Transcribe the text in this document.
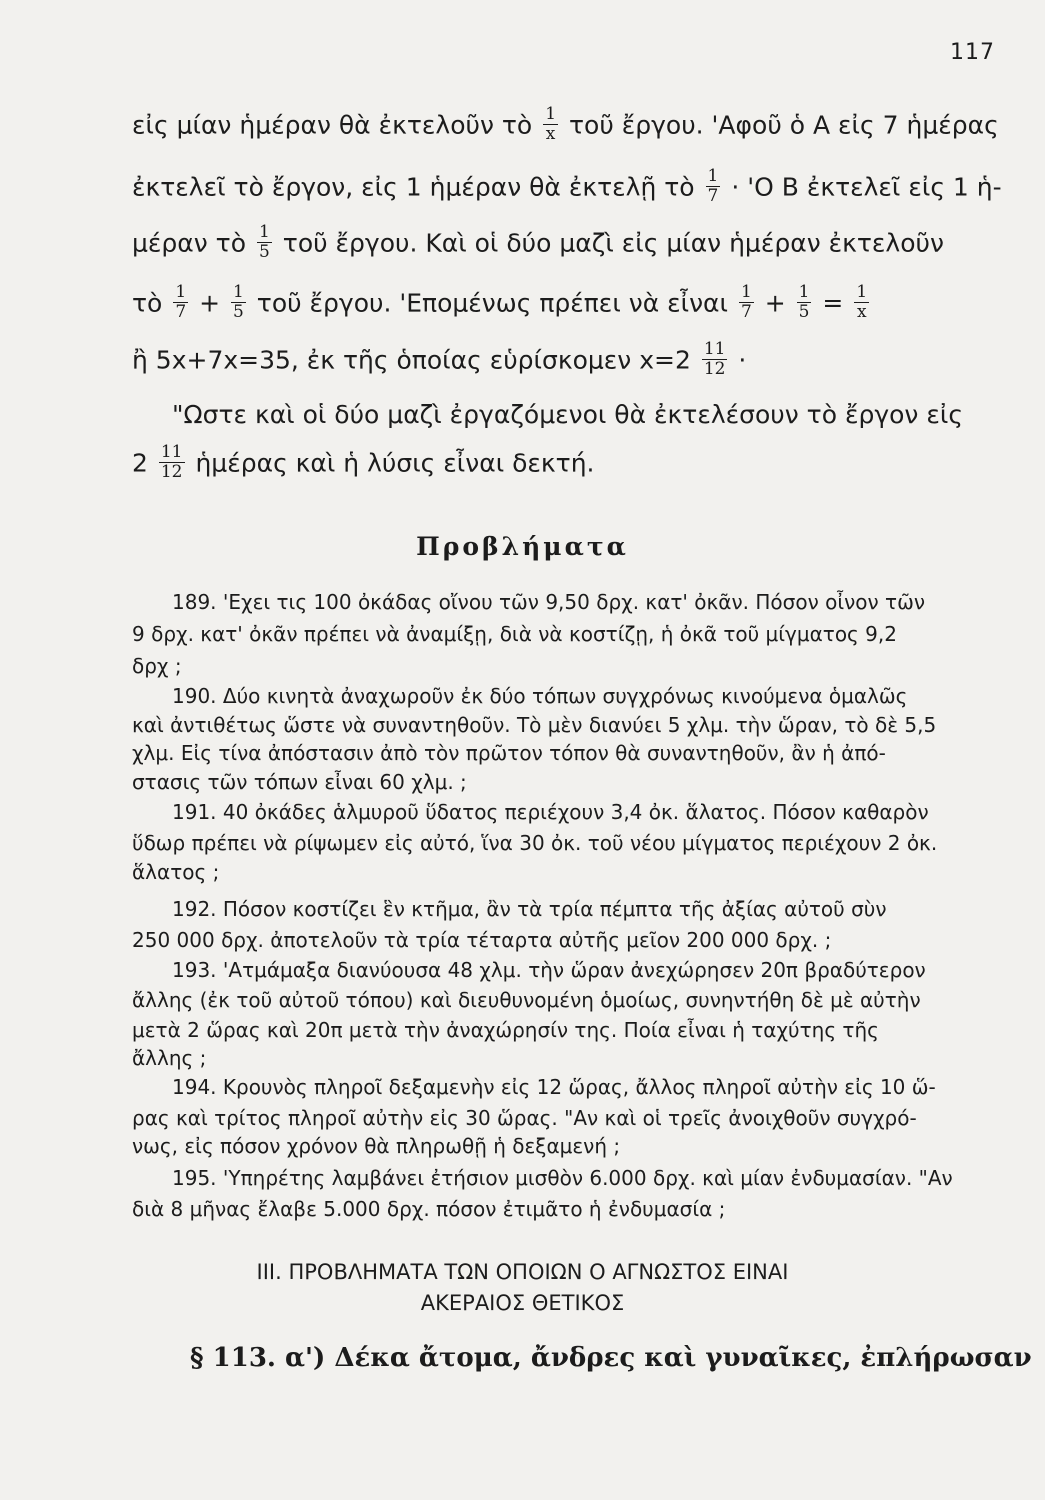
117
εἰς μίαν ἡμέραν θὰ ἐκτελοῦν τὸ $\frac{1}{x}$ τοῦ ἔργου. 'Αφοῦ ὁ Α εἰς 7 ἡμέρας
ἐκτελεῖ τὸ ἔργον, εἰς 1 ἡμέραν θὰ ἐκτελῇ τὸ $\frac{1}{7}$ · 'Ο Β ἐκτελεῖ εἰς 1 ἡ-
μέραν τὸ $\frac{1}{5}$ τοῦ ἔργου. Καὶ οἱ δύο μαζὶ εἰς μίαν ἡμέραν ἐκτελοῦν
τὸ $\frac{1}{7} + \frac{1}{5}$ τοῦ ἔργου. 'Επομένως πρέπει νὰ εἶναι $\frac{1}{7} + \frac{1}{5} = \frac{1}{x}$
ἢ 5x+7x=35, ἐκ τῆς ὁποίας εὑρίσκομεν $x=2 \frac{11}{12}$ ·
"Ωστε καὶ οἱ δύο μαζὶ ἐργαζόμενοι θὰ ἐκτελέσουν τὸ ἔργον εἰς
$2 \frac{11}{12}$ ἡμέρας καὶ ἡ λύσις εἶναι δεκτή.
Προβλήματα
189. 'Εχει τις 100 ὀκάδας οἴνου τῶν 9,50 δρχ. κατ' ὀκᾶν. Πόσον οἶνον τῶν
9 δρχ. κατ' ὀκᾶν πρέπει νὰ ἀναμίξῃ, διὰ νὰ κοστίζῃ, ἡ ὀκᾶ τοῦ μίγματος 9,2
δρχ ;
190. Δύο κινητὰ ἀναχωροῦν ἐκ δύο τόπων συγχρόνως κινούμενα ὁμαλῶς
καὶ ἀντιθέτως ὥστε νὰ συναντηθοῦν. Τὸ μὲν διανύει 5 χλμ. τὴν ὥραν, τὸ δὲ 5,5
χλμ. Εἰς τίνα ἀπόστασιν ἀπὸ τὸν πρῶτον τόπον θὰ συναντηθοῦν, ἂν ἡ ἀπό-
στασις τῶν τόπων εἶναι 60 χλμ. ;
191. 40 ὀκάδες ἁλμυροῦ ὕδατος περιέχουν 3,4 ὀκ. ἅλατος. Πόσον καθαρὸν
ὕδωρ πρέπει νὰ ρίψωμεν εἰς αὐτό, ἵνα 30 ὀκ. τοῦ νέου μίγματος περιέχουν 2 ὀκ.
ἅλατος ;
192. Πόσον κοστίζει ἓν κτῆμα, ἂν τὰ τρία πέμπτα τῆς ἀξίας αὐτοῦ σὺν
250 000 δρχ. ἀποτελοῦν τὰ τρία τέταρτα αὐτῆς μεῖον 200 000 δρχ. ;
193. 'Ατμάμαξα διανύουσα 48 χλμ. τὴν ὥραν ἀνεχώρησεν 20π βραδύτερον
ἄλλης (ἐκ τοῦ αὐτοῦ τόπου) καὶ διευθυνομένη ὁμοίως, συνηντήθη δὲ μὲ αὐτὴν
μετὰ 2 ὥρας καὶ 20π μετὰ τὴν ἀναχώρησίν της. Ποία εἶναι ἡ ταχύτης τῆς
ἄλλης ;
194. Κρουνὸς πληροῖ δεξαμενὴν εἰς 12 ὥρας, ἄλλος πληροῖ αὐτὴν εἰς 10 ὥ-
ρας καὶ τρίτος πληροῖ αὐτὴν εἰς 30 ὥρας. "Αν καὶ οἱ τρεῖς ἀνοιχθοῦν συγχρό-
νως, εἰς πόσον χρόνον θὰ πληρωθῇ ἡ δεξαμενή ;
195. 'Υπηρέτης λαμβάνει ἐτήσιον μισθὸν 6.000 δρχ. καὶ μίαν ἐνδυμασίαν. "Αν
διὰ 8 μῆνας ἔλαβε 5.000 δρχ. πόσον ἐτιμᾶτο ἡ ἐνδυμασία ;
ΙΙΙ. ΠΡΟΒΛΗΜΑΤΑ ΤΩΝ ΟΠΟΙΩΝ Ο ΑΓΝΩΣΤΟΣ ΕΙΝΑΙ
ΑΚΕΡΑΙΟΣ ΘΕΤΙΚΟΣ
§ 113. α') Δέκα ἄτομα, ἄνδρες καὶ γυναῖκες, ἐπλήρωσαν
